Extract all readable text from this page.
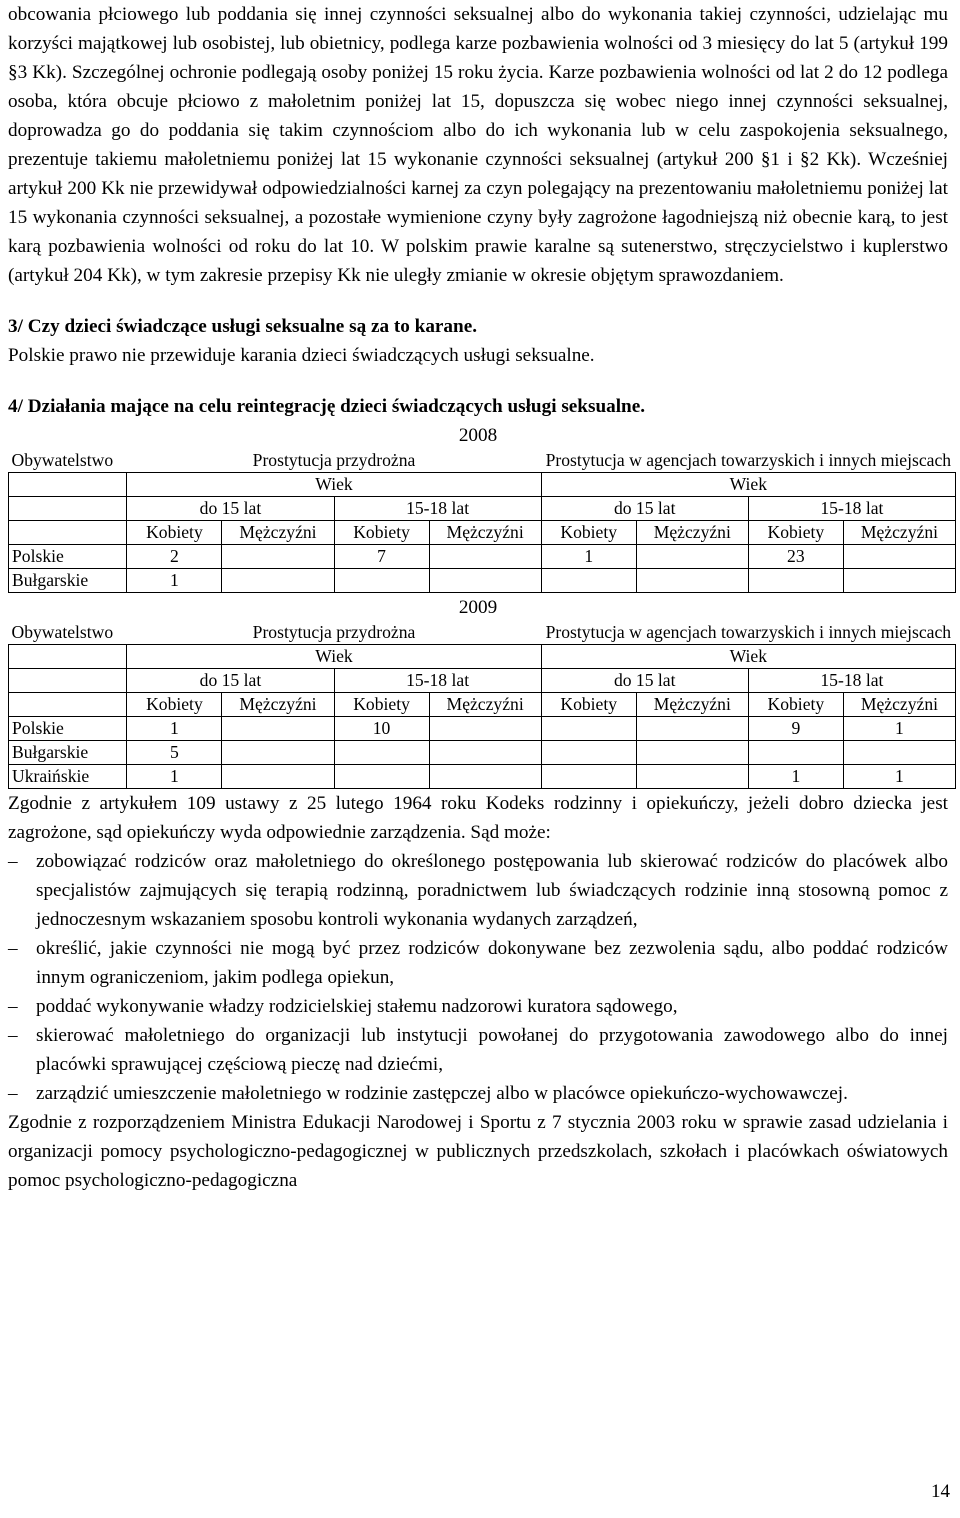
obcowania płciowego lub poddania się innej czynności seksualnej albo do wykonania takiej czynności, udzielając mu korzyści majątkowej lub osobistej, lub obietnicy, podlega karze pozbawienia wolności od 3 miesięcy do lat 5 (artykuł 199 §3 Kk). Szczególnej ochronie podlegają osoby poniżej 15 roku życia. Karze pozbawienia wolności od lat 2 do 12 podlega osoba, która obcuje płciowo z małoletnim poniżej lat 15, dopuszcza się wobec niego innej czynności seksualnej, doprowadza go do poddania się takim czynnościom albo do ich wykonania lub w celu zaspokojenia seksualnego, prezentuje takiemu małoletniemu poniżej lat 15 wykonanie czynności seksualnej (artykuł 200 §1 i §2 Kk). Wcześniej artykuł 200 Kk nie przewidywał odpowiedzialności karnej za czyn polegający na prezentowaniu małoletniemu poniżej lat 15 wykonania czynności seksualnej, a pozostałe wymienione czyny były zagrożone łagodniejszą niż obecnie karą, to jest karą pozbawienia wolności od roku do lat 10. W polskim prawie karalne są sutenerstwo, stręczycielstwo i kuplerstwo (artykuł 204 Kk), w tym zakresie przepisy Kk nie uległy zmianie w okresie objętym sprawozdaniem.

3/ Czy dzieci świadczące usługi seksualne są za to karane.

Polskie prawo nie przewiduje karania dzieci świadczących usługi seksualne.

4/ Działania mające na celu reintegrację dzieci świadczących usługi seksualne.

2008
Obywatelstwo	Prostytucja przydrożna				Prostytucja w agencjach towarzyskich i innych miejscach			
	Wiek				Wiek			
	do 15 lat		15-18 lat		do 15 lat		15-18 lat	
	Kobiety	Mężczyźni	Kobiety	Mężczyźni	Kobiety	Mężczyźni	Kobiety	Mężczyźni
Polskie	2		7		1		23	
Bułgarskie	1							
2009
Obywatelstwo	Prostytucja przydrożna				Prostytucja w agencjach towarzyskich i innych miejscach			
	Wiek				Wiek			
	do 15 lat		15-18 lat		do 15 lat		15-18 lat	
	Kobiety	Mężczyźni	Kobiety	Mężczyźni	Kobiety	Mężczyźni	Kobiety	Mężczyźni
Polskie	1		10				9	1
Bułgarskie	5							
Ukraińskie	1						1	1

Zgodnie z artykułem 109 ustawy z 25 lutego 1964 roku Kodeks rodzinny i opiekuńczy, jeżeli dobro dziecka jest zagrożone, sąd opiekuńczy wyda odpowiednie zarządzenia. Sąd może:

– zobowiązać rodziców oraz małoletniego do określonego postępowania lub skierować rodziców do placówek albo specjalistów zajmujących się terapią rodzinną, poradnictwem lub świadczących rodzinie inną stosowną pomoc z jednoczesnym wskazaniem sposobu kontroli wykonania wydanych zarządzeń,
– określić, jakie czynności nie mogą być przez rodziców dokonywane bez zezwolenia sądu, albo poddać rodziców innym ograniczeniom, jakim podlega opiekun,
– poddać wykonywanie władzy rodzicielskiej stałemu nadzorowi kuratora sądowego,
– skierować małoletniego do organizacji lub instytucji powołanej do przygotowania zawodowego albo do innej placówki sprawującej częściową pieczę nad dziećmi,
– zarządzić umieszczenie małoletniego w rodzinie zastępczej albo w placówce opiekuńczo-wychowawczej.

Zgodnie z rozporządzeniem Ministra Edukacji Narodowej i Sportu z 7 stycznia 2003 roku w sprawie zasad udzielania i organizacji pomocy psychologiczno-pedagogicznej w publicznych przedszkolach, szkołach i placówkach oświatowych pomoc psychologiczno-pedagogiczna

14
